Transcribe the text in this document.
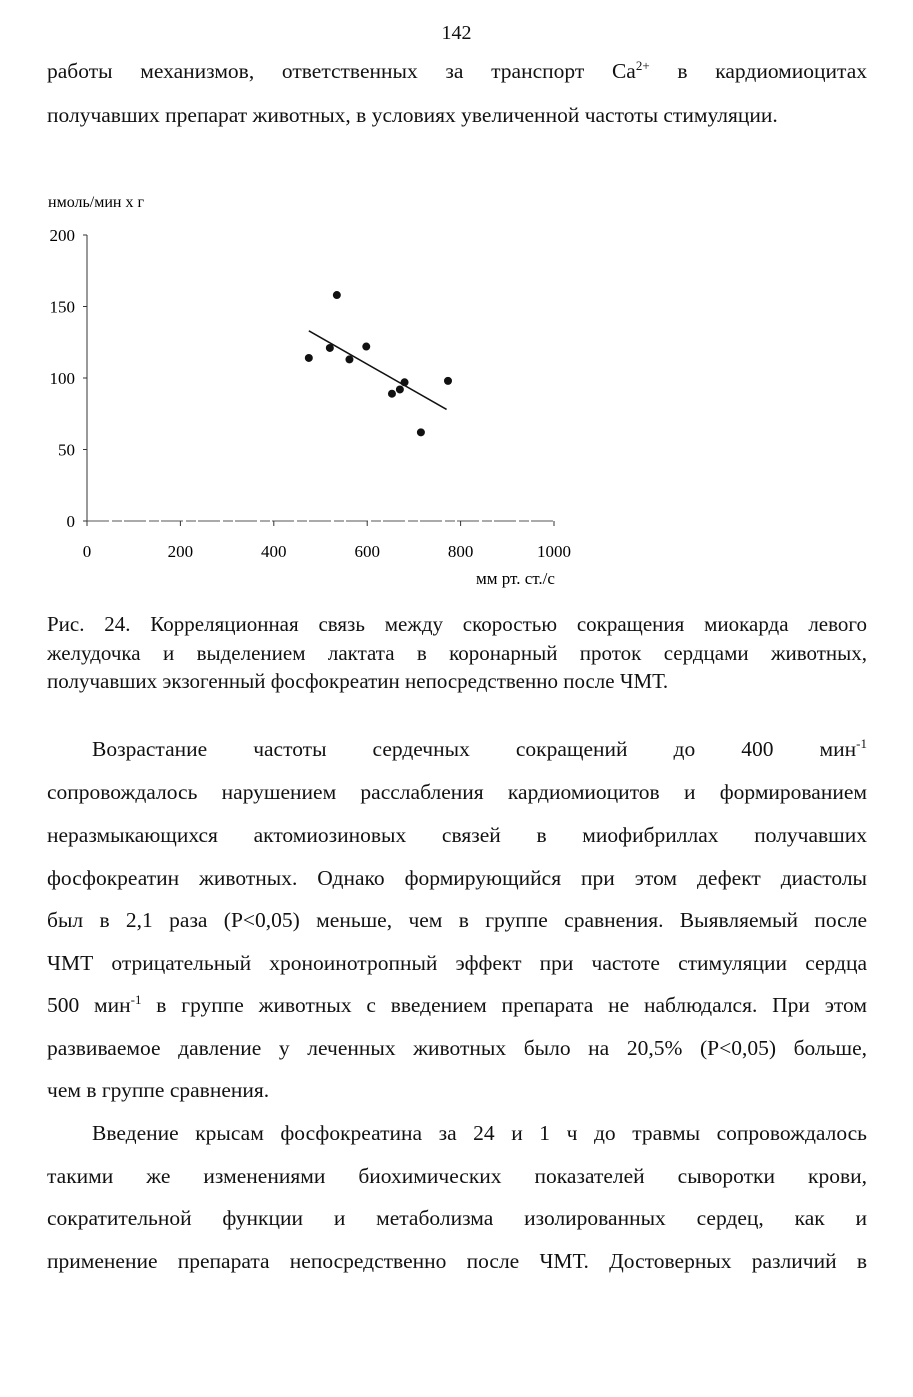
142
работы механизмов, ответственных за транспорт $Ca^{2+}$ в кардиомиоцитах
получавших препарат животных, в условиях увеличенной частоты стимуляции.
нмоль/мин х г
200
150
100
50
0
0	200	400	600	800	1000
мм рт. ст./с
Рис. 24. Корреляционная связь между скоростью сокращения миокарда левого
желудочка и выделением лактата в коронарный проток сердцами животных,
получавших экзогенный фосфокреатин непосредственно после ЧМТ.
Возрастание частоты сердечных сокращений до 400 мин$^{-1}$
сопровождалось нарушением расслабления кардиомиоцитов и формированием
неразмыкающихся актомиозиновых связей в миофибриллах получавших
фосфокреатин животных. Однако формирующийся при этом дефект диастолы
был в 2,1 раза (P<0,05) меньше, чем в группе сравнения. Выявляемый после
ЧМТ отрицательный хроноинотропный эффект при частоте стимуляции сердца
500 мин$^{-1}$ в группе животных с введением препарата не наблюдался. При этом
развиваемое давление у леченных животных было на 20,5% (P<0,05) больше,
чем в группе сравнения.
Введение крысам фосфокреатина за 24 и 1 ч до травмы сопровождалось
такими же изменениями биохимических показателей сыворотки крови,
сократительной функции и метаболизма изолированных сердец, как и
применение препарата непосредственно после ЧМТ. Достоверных различий в
